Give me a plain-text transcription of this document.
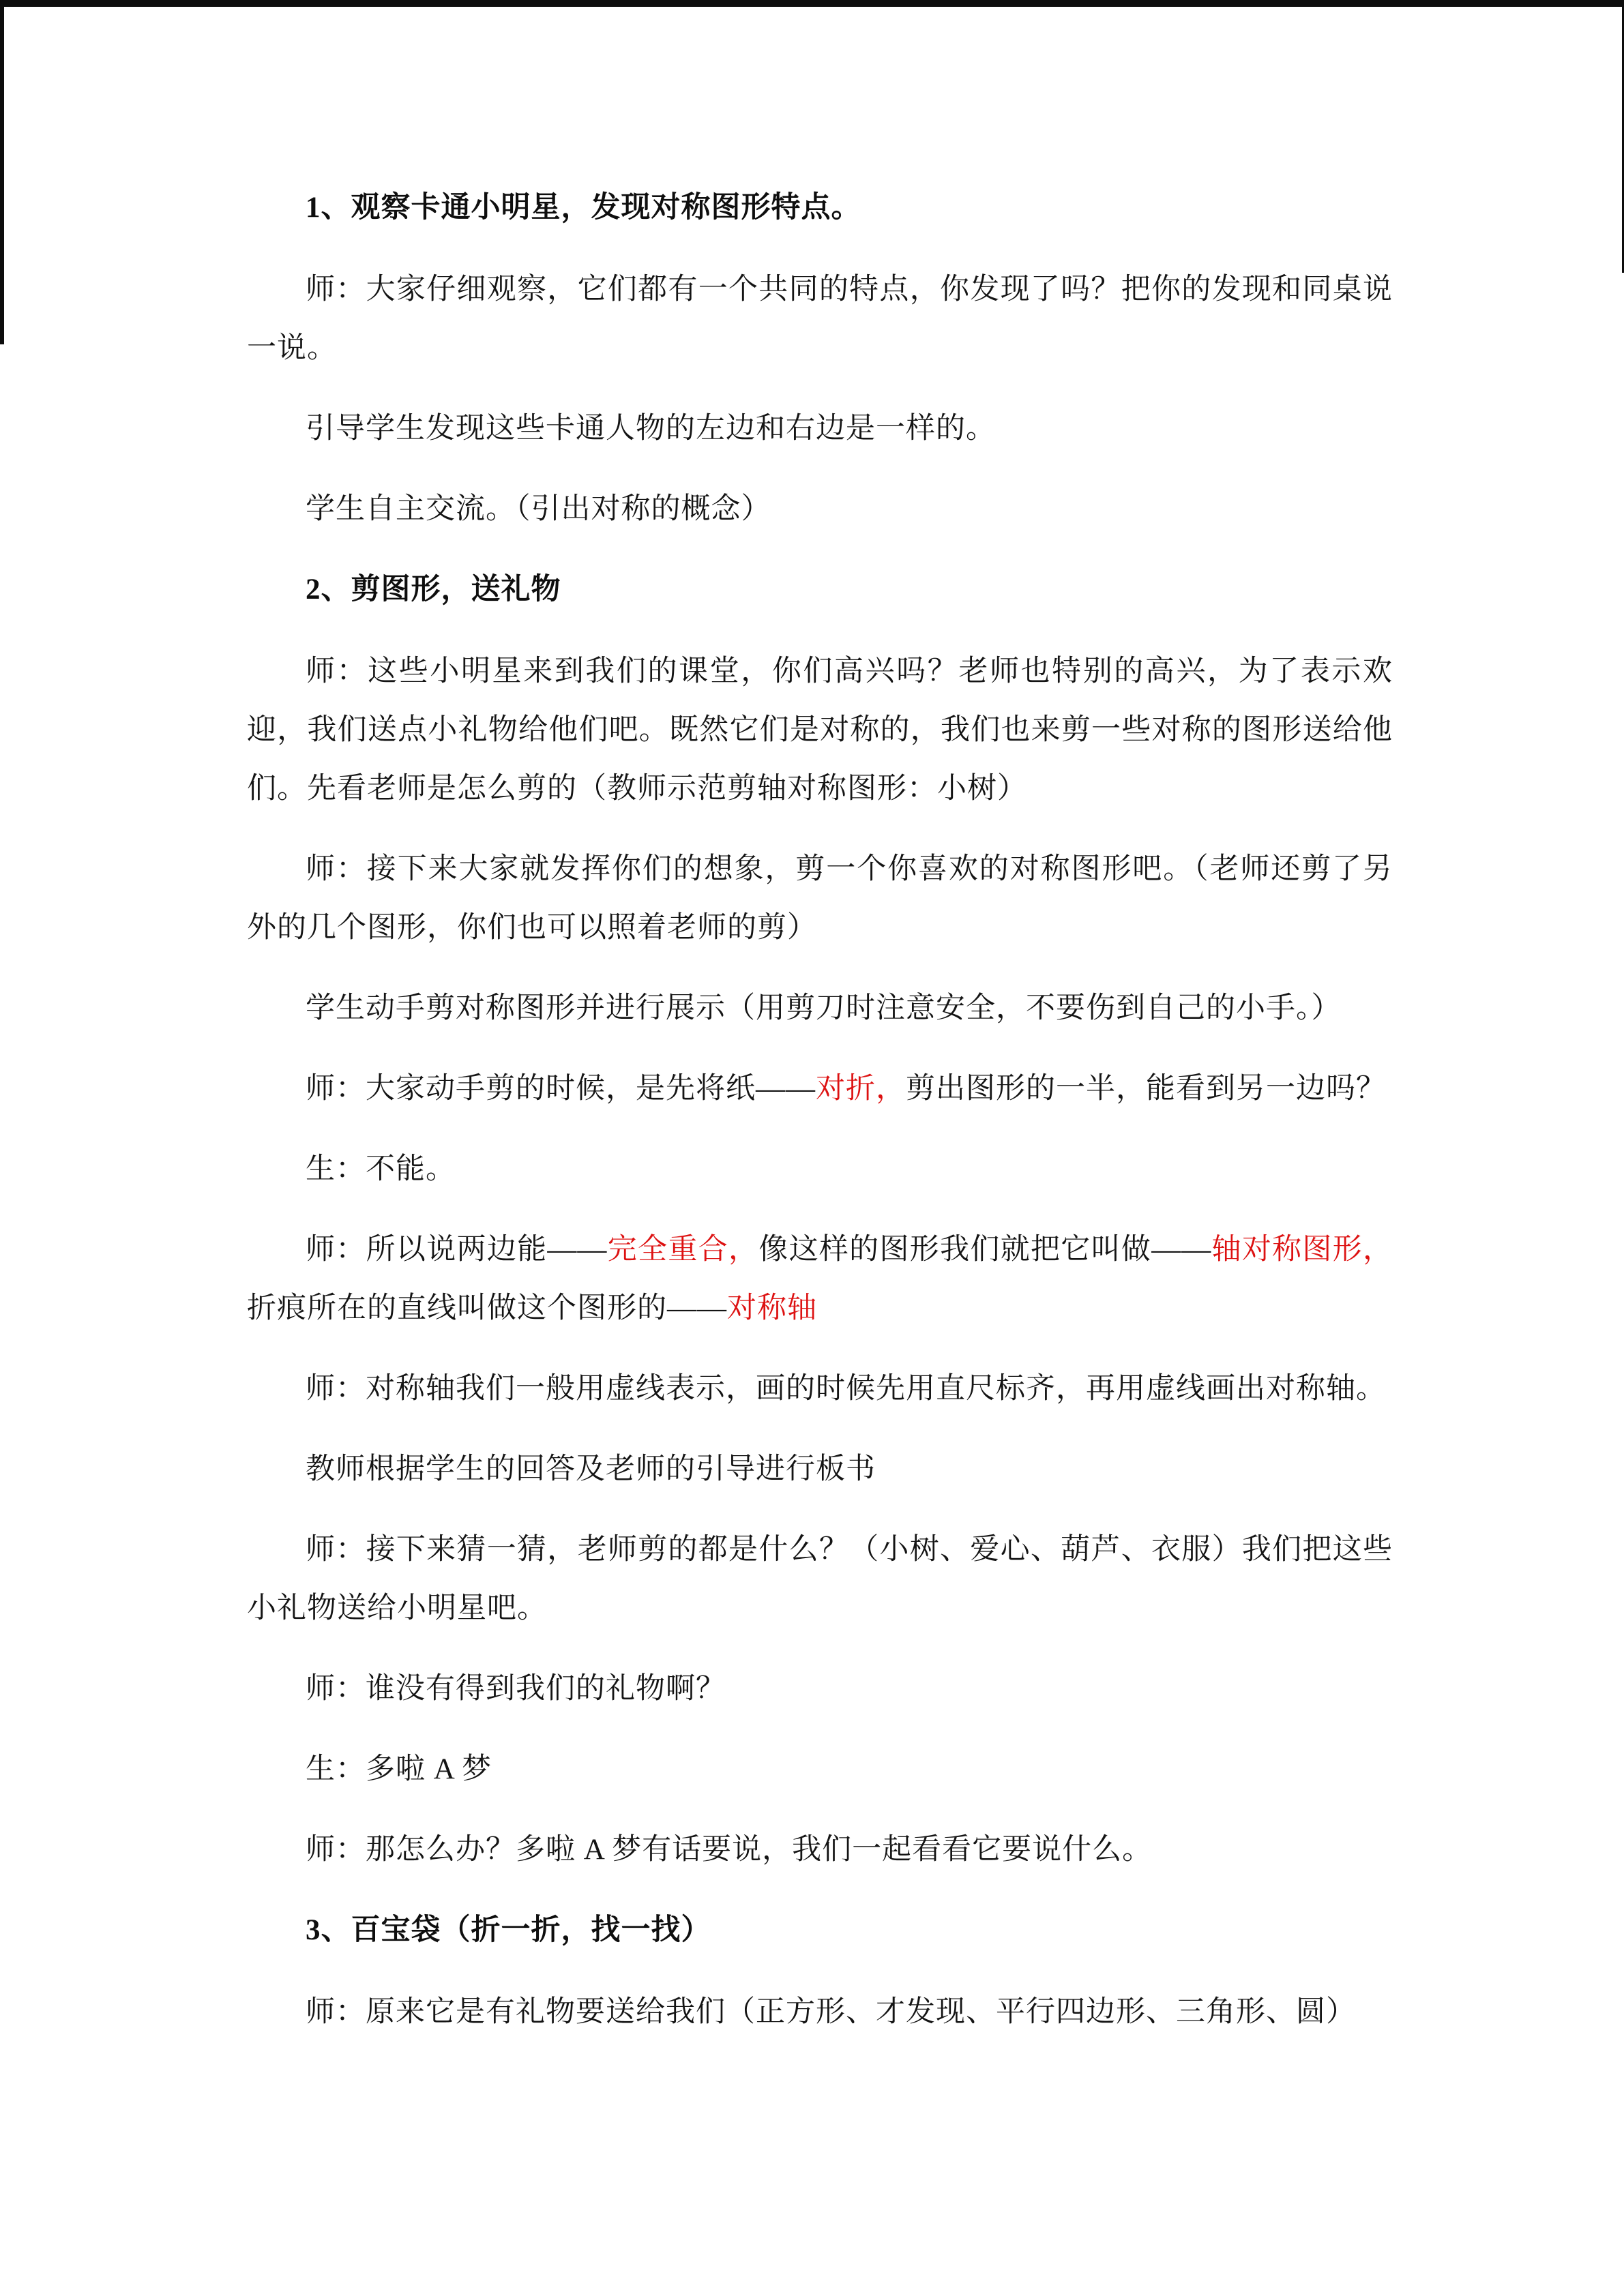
1、观察卡通小明星，发现对称图形特点。

师：大家仔细观察，它们都有一个共同的特点，你发现了吗？把你的发现和同桌说一说。

引导学生发现这些卡通人物的左边和右边是一样的。

学生自主交流。（引出对称的概念）

2、剪图形，送礼物

师：这些小明星来到我们的课堂，你们高兴吗？老师也特别的高兴，为了表示欢迎，我们送点小礼物给他们吧。既然它们是对称的，我们也来剪一些对称的图形送给他们。先看老师是怎么剪的（教师示范剪轴对称图形：小树）

师：接下来大家就发挥你们的想象，剪一个你喜欢的对称图形吧。（老师还剪了另外的几个图形，你们也可以照着老师的剪）

学生动手剪对称图形并进行展示（用剪刀时注意安全，不要伤到自己的小手。）

师：大家动手剪的时候，是先将纸——对折，剪出图形的一半，能看到另一边吗？

生：不能。

师：所以说两边能——完全重合，像这样的图形我们就把它叫做——轴对称图形，折痕所在的直线叫做这个图形的——对称轴

师：对称轴我们一般用虚线表示，画的时候先用直尺标齐，再用虚线画出对称轴。

教师根据学生的回答及老师的引导进行板书

师：接下来猜一猜，老师剪的都是什么？（小树、爱心、葫芦、衣服）我们把这些小礼物送给小明星吧。

师：谁没有得到我们的礼物啊？

生：多啦 A 梦

师：那怎么办？多啦 A 梦有话要说，我们一起看看它要说什么。

3、百宝袋（折一折，找一找）

师：原来它是有礼物要送给我们（正方形、才发现、平行四边形、三角形、圆）
